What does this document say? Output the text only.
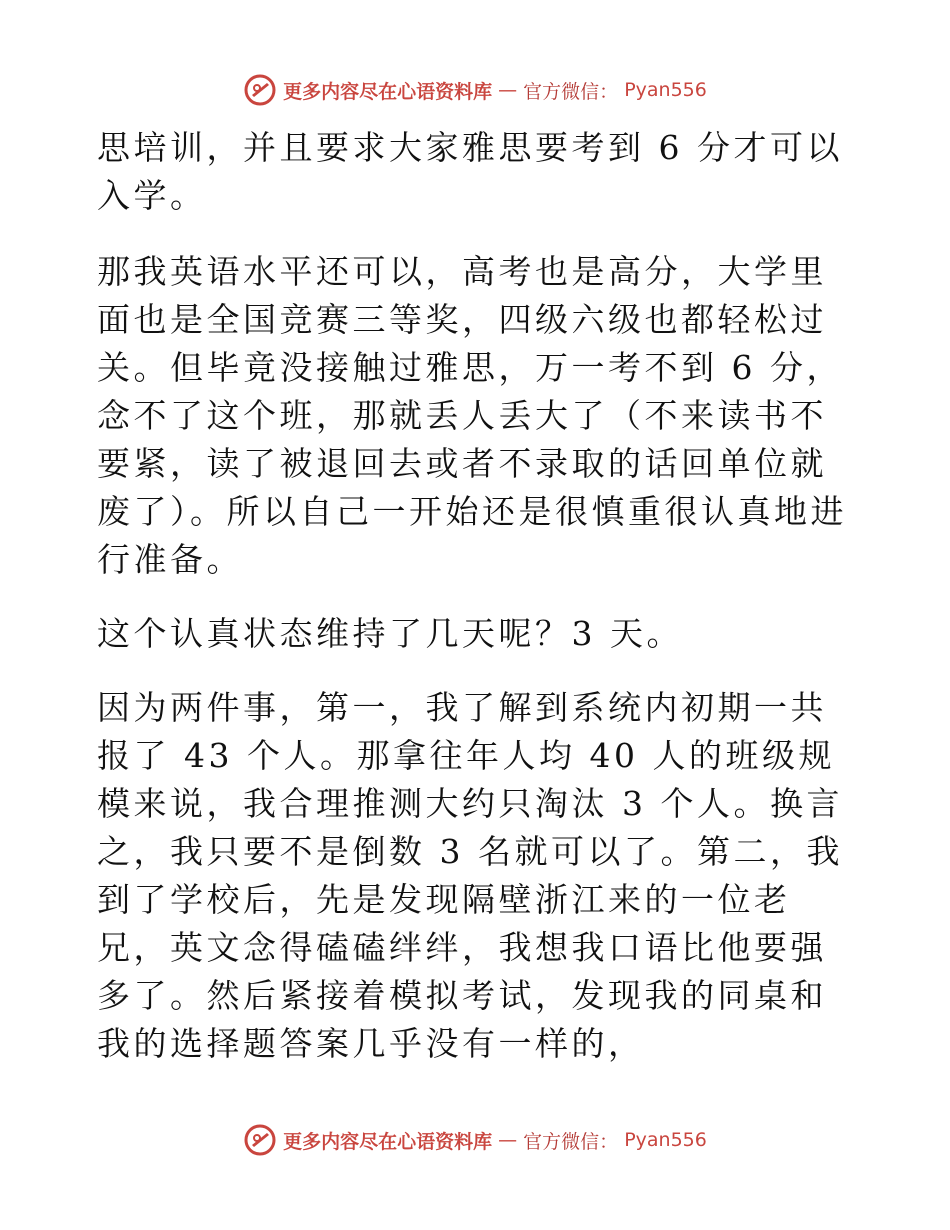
更多内容尽在心语资料库 — 官方微信： Pyan556

思培训，并且要求大家雅思要考到 6 分才可以入学。

那我英语水平还可以，高考也是高分，大学里面也是全国竞赛三等奖，四级六级也都轻松过关。但毕竟没接触过雅思，万一考不到 6 分，念不了这个班，那就丢人丢大了（不来读书不要紧，读了被退回去或者不录取的话回单位就废了）。所以自己一开始还是很慎重很认真地进行准备。

这个认真状态维持了几天呢？3 天。

因为两件事，第一，我了解到系统内初期一共报了 43 个人。那拿往年人均 40 人的班级规模来说，我合理推测大约只淘汰 3 个人。换言之，我只要不是倒数 3 名就可以了。第二，我到了学校后，先是发现隔壁浙江来的一位老兄，英文念得磕磕绊绊，我想我口语比他要强多了。然后紧接着模拟考试，发现我的同桌和我的选择题答案几乎没有一样的，

更多内容尽在心语资料库 — 官方微信： Pyan556
